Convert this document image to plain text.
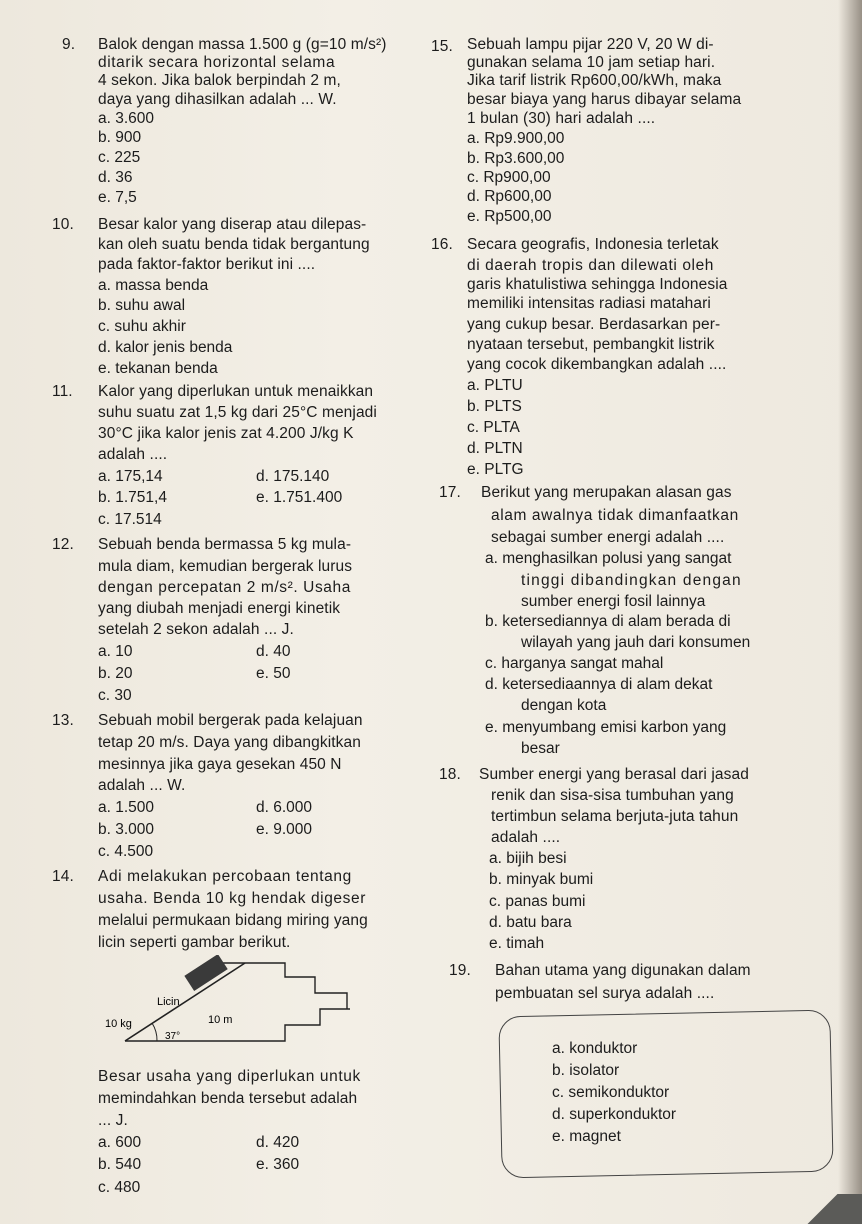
9. Balok dengan massa 1.500 g (g=10 m/s²)
ditarik secara horizontal selama
4 sekon. Jika balok berpindah 2 m,
daya yang dihasilkan adalah ... W.
a. 3.600
b. 900
c. 225
d. 36
e. 7,5
10. Besar kalor yang diserap atau dilepas-
kan oleh suatu benda tidak bergantung
pada faktor-faktor berikut ini ....
a. massa benda
b. suhu awal
c. suhu akhir
d. kalor jenis benda
e. tekanan benda
11. Kalor yang diperlukan untuk menaikkan
suhu suatu zat 1,5 kg dari 25°C menjadi
30°C jika kalor jenis zat 4.200 J/kg K
adalah ....
a. 175,14
b. 1.751,4
c. 17.514
d. 175.140
e. 1.751.400
12. Sebuah benda bermassa 5 kg mula-
mula diam, kemudian bergerak lurus
dengan percepatan 2 m/s². Usaha
yang diubah menjadi energi kinetik
setelah 2 sekon adalah ... J.
a. 10
b. 20
c. 30
d. 40
e. 50
13. Sebuah mobil bergerak pada kelajuan
tetap 20 m/s. Daya yang dibangkitkan
mesinnya jika gaya gesekan 450 N
adalah ... W.
a. 1.500
b. 3.000
c. 4.500
d. 6.000
e. 9.000
14. Adi melakukan percobaan tentang
usaha. Benda 10 kg hendak digeser
melalui permukaan bidang miring yang
licin seperti gambar berikut.
10 kg
Licin
10 m
37°
Besar usaha yang diperlukan untuk
memindahkan benda tersebut adalah
... J.
a. 600
b. 540
c. 480
d. 420
e. 360
15. Sebuah lampu pijar 220 V, 20 W di-
gunakan selama 10 jam setiap hari.
Jika tarif listrik Rp600,00/kWh, maka
besar biaya yang harus dibayar selama
1 bulan (30) hari adalah ....
a. Rp9.900,00
b. Rp3.600,00
c. Rp900,00
d. Rp600,00
e. Rp500,00
16. Secara geografis, Indonesia terletak
di daerah tropis dan dilewati oleh
garis khatulistiwa sehingga Indonesia
memiliki intensitas radiasi matahari
yang cukup besar. Berdasarkan per-
nyataan tersebut, pembangkit listrik
yang cocok dikembangkan adalah ....
a. PLTU
b. PLTS
c. PLTA
d. PLTN
e. PLTG
17. Berikut yang merupakan alasan gas
alam awalnya tidak dimanfaatkan
sebagai sumber energi adalah ....
a. menghasilkan polusi yang sangat
tinggi dibandingkan dengan
sumber energi fosil lainnya
b. ketersediannya di alam berada di
wilayah yang jauh dari konsumen
c. harganya sangat mahal
d. ketersediaannya di alam dekat
dengan kota
e. menyumbang emisi karbon yang
besar
18. Sumber energi yang berasal dari jasad
renik dan sisa-sisa tumbuhan yang
tertimbun selama berjuta-juta tahun
adalah ....
a. bijih besi
b. minyak bumi
c. panas bumi
d. batu bara
e. timah
19. Bahan utama yang digunakan dalam
pembuatan sel surya adalah ....
a. konduktor
b. isolator
c. semikonduktor
d. superkonduktor
e. magnet
